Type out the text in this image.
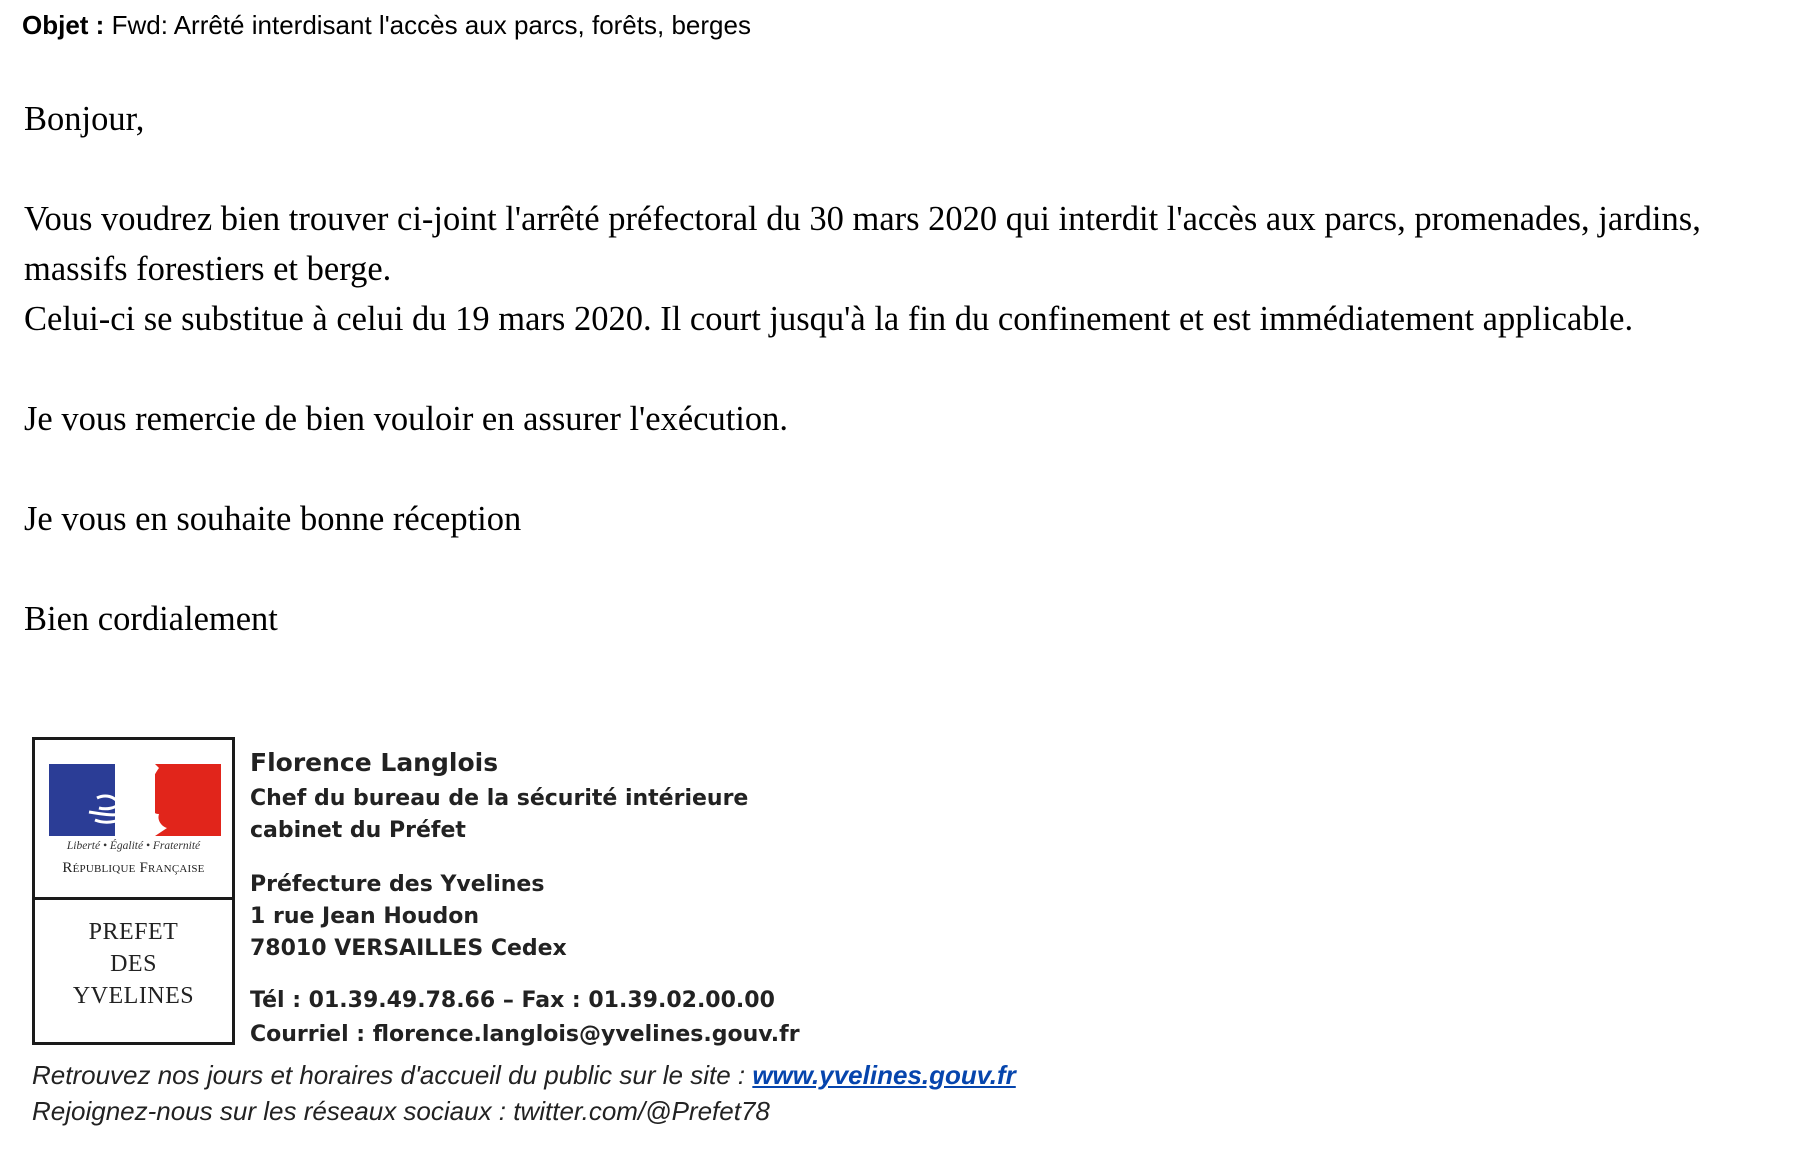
Objet : Fwd: Arrêté interdisant l'accès aux parcs, forêts, berges

Bonjour,

Vous voudrez bien trouver ci-joint l'arrêté préfectoral du 30 mars 2020 qui interdit l'accès aux parcs, promenades, jardins,

massifs forestiers et berge.

Celui-ci se substitue à celui du 19 mars 2020. Il court jusqu'à la fin du confinement et est immédiatement applicable.

Je vous remercie de bien vouloir en assurer l'exécution.

Je vous en souhaite bonne réception

Bien cordialement

Liberté • Égalité • Fraternité
République Française
PREFET
DES
YVELINES
Florence Langlois
Chef du bureau de la sécurité intérieure
cabinet du Préfet
Préfecture des Yvelines
1 rue Jean Houdon
78010 VERSAILLES Cedex
Tél : 01.39.49.78.66 – Fax : 01.39.02.00.00
Courriel : florence.langlois@yvelines.gouv.fr
Retrouvez nos jours et horaires d'accueil du public sur le site : www.yvelines.gouv.fr
Rejoignez-nous sur les réseaux sociaux : twitter.com/@Prefet78
